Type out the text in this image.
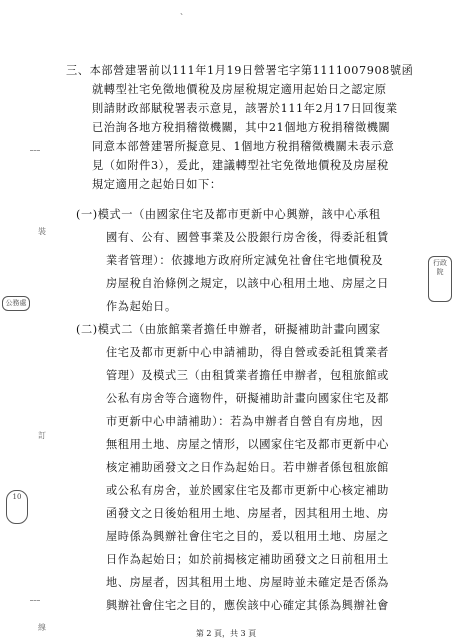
、
裝
訂
線
公務處
10
行政院
三、本部營建署前以111年1月19日營署宅字第1111007908號函
就轉型社宅免徵地價稅及房屋稅規定適用起始日之認定原
則請財政部賦稅署表示意見，該署於111年2月17日回復業
已治詢各地方稅捐稽徵機關，其中21個地方稅捐稽徵機關
同意本部營建署所擬意見、1個地方稅捐稽徵機關未表示意
見（如附件3），爰此，建議轉型社宅免徵地價稅及房屋稅
規定適用之起始日如下：
(一)模式一（由國家住宅及都市更新中心興辦，該中心承租
國有、公有、國營事業及公股銀行房舍後，得委託租賃
業者管理）：依據地方政府所定減免社會住宅地價稅及
房屋稅自治條例之規定，以該中心租用土地、房屋之日
作為起始日。
(二)模式二（由旅館業者擔任申辦者，研擬補助計畫向國家
住宅及都市更新中心申請補助，得自營或委託租賃業者
管理）及模式三（由租賃業者擔任申辦者，包租旅館或
公私有房舍等合適物件，研擬補助計畫向國家住宅及都
市更新中心申請補助）：若為申辦者自營自有房地，因
無租用土地、房屋之情形，以國家住宅及都市更新中心
核定補助函發文之日作為起始日。若申辦者係包租旅館
或公私有房舍，並於國家住宅及都市更新中心核定補助
函發文之日後始租用土地、房屋者，因其租用土地、房
屋時係為興辦社會住宅之目的，爰以租用土地、房屋之
日作為起始日；如於前揭核定補助函發文之日前租用土
地、房屋者，因其租用土地、房屋時並未確定是否係為
興辦社會住宅之目的，應俟該中心確定其係為興辦社會
第 2 頁，共 3 頁
